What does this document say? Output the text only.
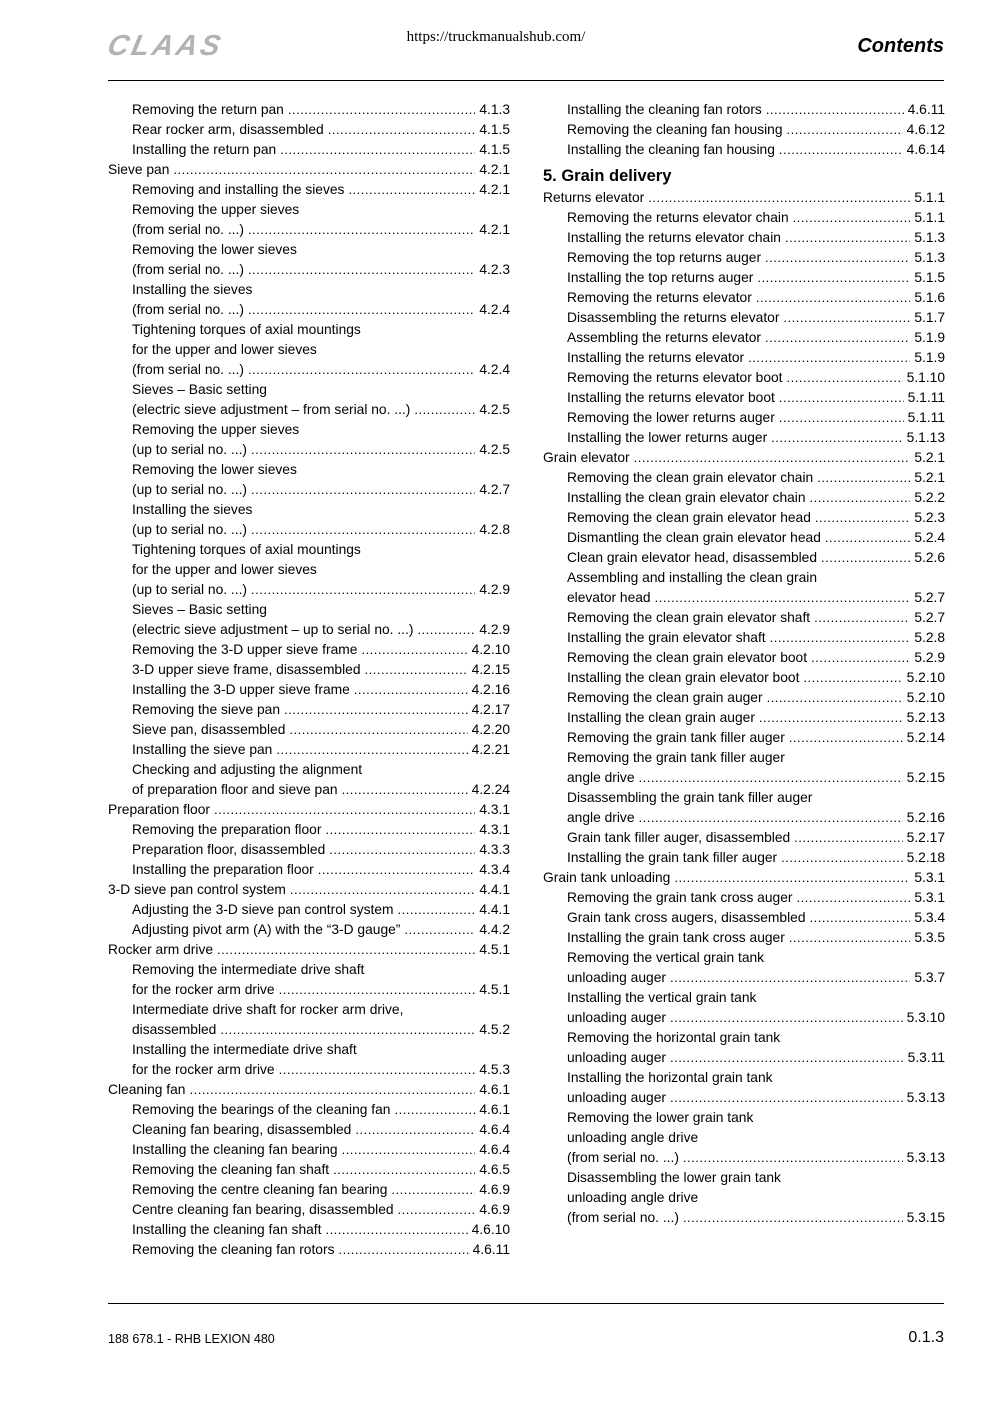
CLAAS	https://truckmanualshub.com/	Contents
Removing the return pan .....	4.1.3
Rear rocker arm, disassembled .....	4.1.5
Installing the return pan .....	4.1.5
Sieve pan .....	4.2.1
Removing and installing the sieves .....	4.2.1
Removing the upper sieves
(from serial no. ...) .....	4.2.1
Removing the lower sieves
(from serial no. ...) .....	4.2.3
Installing the sieves
(from serial no. ...) .....	4.2.4
Tightening torques of axial mountings
for the upper and lower sieves
(from serial no. ...) .....	4.2.4
Sieves – Basic setting
(electric sieve adjustment – from serial no. ...) .....	4.2.5
Removing the upper sieves
(up to serial no. ...) .....	4.2.5
Removing the lower sieves
(up to serial no. ...) .....	4.2.7
Installing the sieves
(up to serial no. ...) .....	4.2.8
Tightening torques of axial mountings
for the upper and lower sieves
(up to serial no. ...) .....	4.2.9
Sieves – Basic setting
(electric sieve adjustment – up to serial no. ...) .....	4.2.9
Removing the 3-D upper sieve frame .....	4.2.10
3-D upper sieve frame, disassembled .....	4.2.15
Installing the 3-D upper sieve frame .....	4.2.16
Removing the sieve pan .....	4.2.17
Sieve pan, disassembled .....	4.2.20
Installing the sieve pan .....	4.2.21
Checking and adjusting the alignment
of preparation floor and sieve pan .....	4.2.24
Preparation floor .....	4.3.1
Removing the preparation floor .....	4.3.1
Preparation floor, disassembled .....	4.3.3
Installing the preparation floor .....	4.3.4
3-D sieve pan control system .....	4.4.1
Adjusting the 3-D sieve pan control system .....	4.4.1
Adjusting pivot arm (A) with the “3-D gauge” .....	4.4.2
Rocker arm drive .....	4.5.1
Removing the intermediate drive shaft
for the rocker arm drive .....	4.5.1
Intermediate drive shaft for rocker arm drive,
disassembled .....	4.5.2
Installing the intermediate drive shaft
for the rocker arm drive .....	4.5.3
Cleaning fan .....	4.6.1
Removing the bearings of the cleaning fan .....	4.6.1
Cleaning fan bearing, disassembled .....	4.6.4
Installing the cleaning fan bearing .....	4.6.4
Removing the cleaning fan shaft .....	4.6.5
Removing the centre cleaning fan bearing .....	4.6.9
Centre cleaning fan bearing, disassembled .....	4.6.9
Installing the cleaning fan shaft .....	4.6.10
Removing the cleaning fan rotors .....	4.6.11
Installing the cleaning fan rotors .....	4.6.11
Removing the cleaning fan housing .....	4.6.12
Installing the cleaning fan housing .....	4.6.14
5. Grain delivery
Returns elevator .....	5.1.1
Removing the returns elevator chain .....	5.1.1
Installing the returns elevator chain .....	5.1.3
Removing the top returns auger .....	5.1.3
Installing the top returns auger .....	5.1.5
Removing the returns elevator .....	5.1.6
Disassembling the returns elevator .....	5.1.7
Assembling the returns elevator .....	5.1.9
Installing the returns elevator .....	5.1.9
Removing the returns elevator boot .....	5.1.10
Installing the returns elevator boot .....	5.1.11
Removing the lower returns auger .....	5.1.11
Installing the lower returns auger .....	5.1.13
Grain elevator .....	5.2.1
Removing the clean grain elevator chain .....	5.2.1
Installing the clean grain elevator chain .....	5.2.2
Removing the clean grain elevator head .....	5.2.3
Dismantling the clean grain elevator head .....	5.2.4
Clean grain elevator head, disassembled .....	5.2.6
Assembling and installing the clean grain
elevator head .....	5.2.7
Removing the clean grain elevator shaft .....	5.2.7
Installing the grain elevator shaft .....	5.2.8
Removing the clean grain elevator boot .....	5.2.9
Installing the clean grain elevator boot .....	5.2.10
Removing the clean grain auger .....	5.2.10
Installing the clean grain auger .....	5.2.13
Removing the grain tank filler auger .....	5.2.14
Removing the grain tank filler auger
angle drive .....	5.2.15
Disassembling the grain tank filler auger
angle drive .....	5.2.16
Grain tank filler auger, disassembled .....	5.2.17
Installing the grain tank filler auger .....	5.2.18
Grain tank unloading .....	5.3.1
Removing the grain tank cross auger .....	5.3.1
Grain tank cross augers, disassembled .....	5.3.4
Installing the grain tank cross auger .....	5.3.5
Removing the vertical grain tank
unloading auger .....	5.3.7
Installing the vertical grain tank
unloading auger .....	5.3.10
Removing the horizontal grain tank
unloading auger .....	5.3.11
Installing the horizontal grain tank
unloading auger .....	5.3.13
Removing the lower grain tank
unloading angle drive
(from serial no. ...) .....	5.3.13
Disassembling the lower grain tank
unloading angle drive
(from serial no. ...) .....	5.3.15
188 678.1 - RHB LEXION 480	0.1.3
